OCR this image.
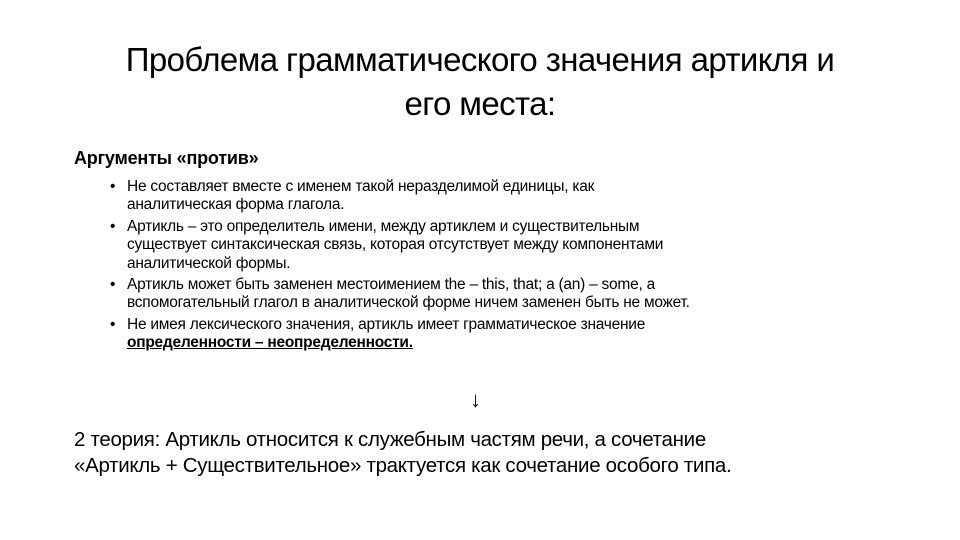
Проблема грамматического значения артикля и
его места:
Аргументы «против»
• Не составляет вместе с именем такой неразделимой единицы, как
аналитическая форма глагола.
• Артикль – это определитель имени, между артиклем и существительным
существует синтаксическая связь, которая отсутствует между компонентами
аналитической формы.
• Артикль может быть заменен местоимением the – this, that; a (an) – some, а
вспомогательный глагол в аналитической форме ничем заменен быть не может.
• Не имея лексического значения, артикль имеет грамматическое значение
определенности – неопределенности.
↓
2 теория: Артикль относится к служебным частям речи, а сочетание
«Артикль + Существительное» трактуется как сочетание особого типа.
